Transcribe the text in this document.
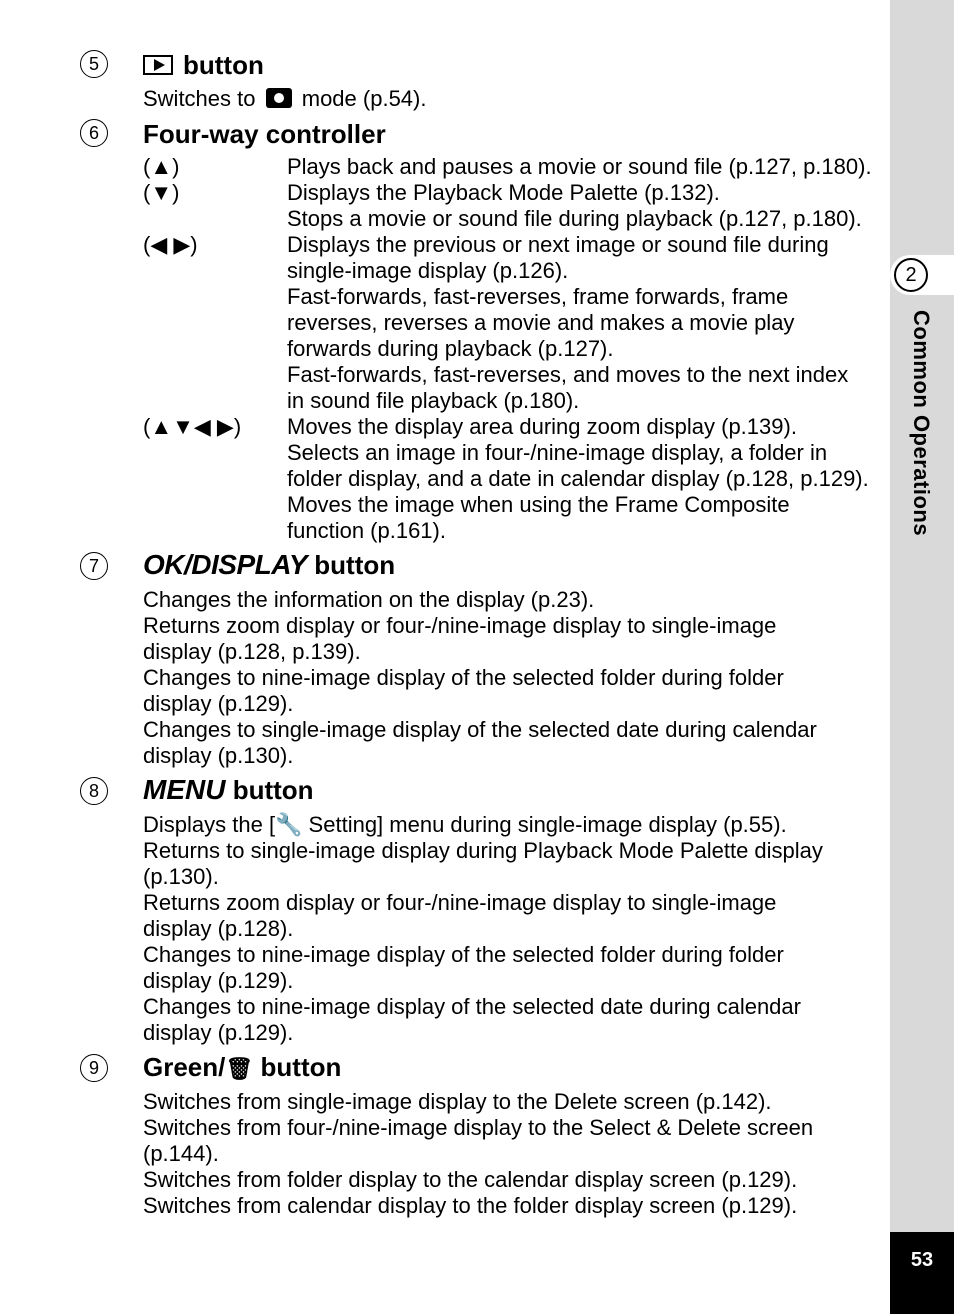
5	button
Switches to mode (p.54).
6	Four-way controller
(▲)	Plays back and pauses a movie or sound file (p.127, p.180).
(▼)	Displays the Playback Mode Palette (p.132).
Stops a movie or sound file during playback (p.127, p.180).
(◀ ▶)	Displays the previous or next image or sound file during
single-image display (p.126).
Fast-forwards, fast-reverses, frame forwards, frame
reverses, reverses a movie and makes a movie play
forwards during playback (p.127).
Fast-forwards, fast-reverses, and moves to the next index
in sound file playback (p.180).
(▲▼◀ ▶) Moves the display area during zoom display (p.139).
Selects an image in four-/nine-image display, a folder in
folder display, and a date in calendar display (p.128, p.129).
Moves the image when using the Frame Composite
function (p.161).
7	OK/DISPLAY button
Changes the information on the display (p.23).
Returns zoom display or four-/nine-image display to single-image
display (p.128, p.139).
Changes to nine-image display of the selected folder during folder
display (p.129).
Changes to single-image display of the selected date during calendar
display (p.130).
8	MENU button
Displays the [🔧 Setting] menu during single-image display (p.55).
Returns to single-image display during Playback Mode Palette display
(p.130).
Returns zoom display or four-/nine-image display to single-image
display (p.128).
Changes to nine-image display of the selected folder during folder
display (p.129).
Changes to nine-image display of the selected date during calendar
display (p.129).
9	Green/🗑 button
Switches from single-image display to the Delete screen (p.142).
Switches from four-/nine-image display to the Select & Delete screen
(p.144).
Switches from folder display to the calendar display screen (p.129).
Switches from calendar display to the folder display screen (p.129).
2
Common Operations
53
